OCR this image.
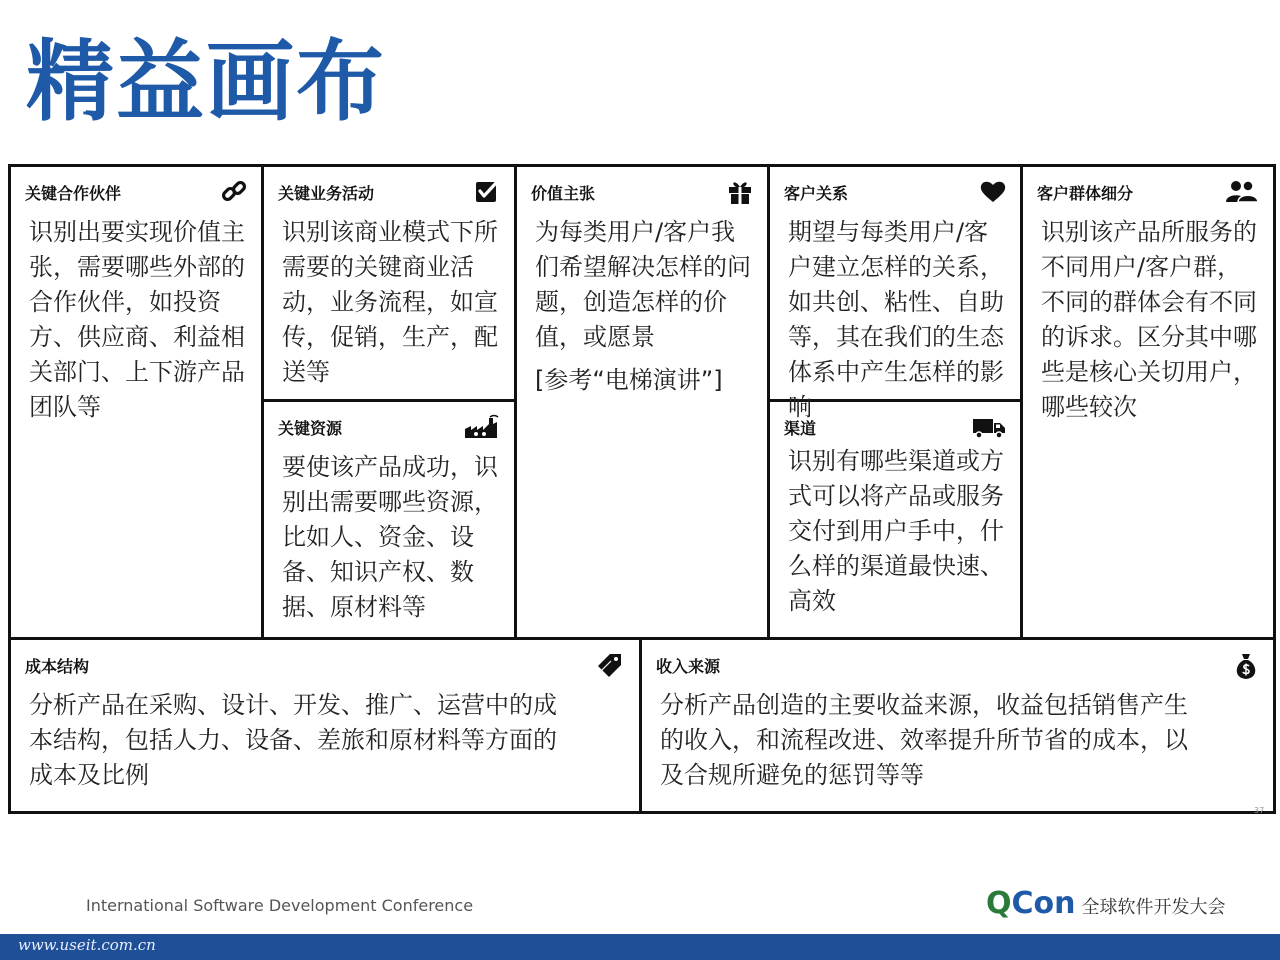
精益画布
关键合作伙伴
识别出要实现价值主张，需要哪些外部的合作伙伴，如投资方、供应商、利益相关部门、上下游产品团队等
关键业务活动
识别该商业模式下所需要的关键商业活动，业务流程，如宣传，促销，生产，配送等
关键资源
要使该产品成功，识别出需要哪些资源，比如人、资金、设备、知识产权、数据、原材料等
价值主张
为每类用户/客户我们希望解决怎样的问题，创造怎样的价值，或愿景
[参考“电梯演讲”]
客户关系
期望与每类用户/客户建立怎样的关系，如共创、粘性、自助等，其在我们的生态体系中产生怎样的影响
渠道
识别有哪些渠道或方式可以将产品或服务交付到用户手中，什么样的渠道最快速、高效
客户群体细分
识别该产品所服务的不同用户/客户群，不同的群体会有不同的诉求。区分其中哪些是核心关切用户，哪些较次
成本结构
分析产品在采购、设计、开发、推广、运营中的成本结构，包括人力、设备、差旅和原材料等方面的成本及比例
收入来源
分析产品创造的主要收益来源，收益包括销售产生的收入，和流程改进、效率提升所节省的成本，以及合规所避免的惩罚等等
37
International Software Development Conference	QCon 全球软件开发大会
www.useit.com.cn
